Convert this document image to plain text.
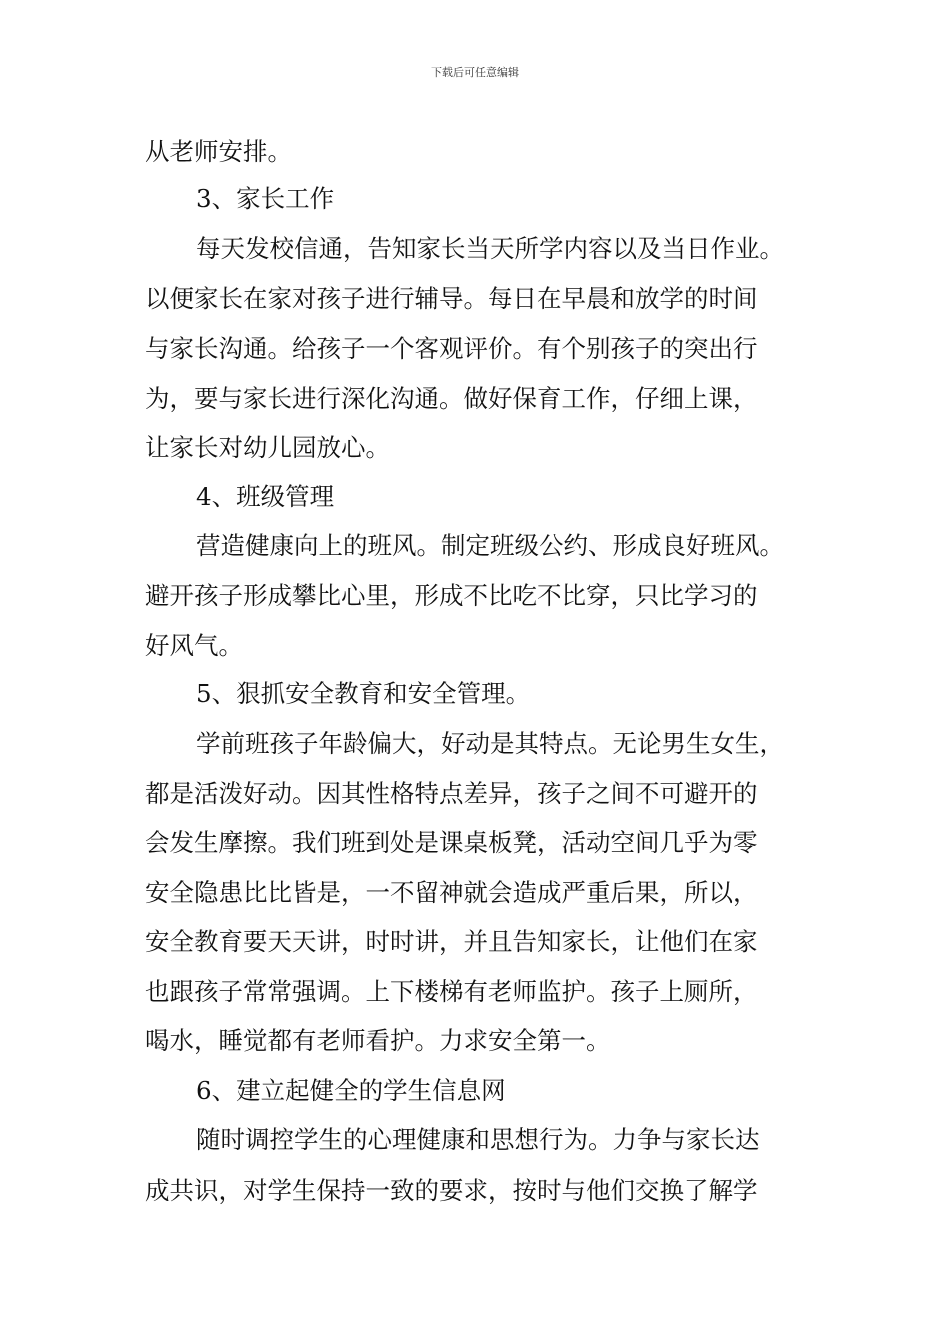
下载后可任意编辑
从老师安排。
3、家长工作
每天发校信通，告知家长当天所学内容以及当日作业。
以便家长在家对孩子进行辅导。每日在早晨和放学的时间
与家长沟通。给孩子一个客观评价。有个别孩子的突出行
为，要与家长进行深化沟通。做好保育工作，仔细上课，
让家长对幼儿园放心。
4、班级管理
营造健康向上的班风。制定班级公约、形成良好班风。
避开孩子形成攀比心里，形成不比吃不比穿，只比学习的
好风气。
5、狠抓安全教育和安全管理。
学前班孩子年龄偏大，好动是其特点。无论男生女生，
都是活泼好动。因其性格特点差异，孩子之间不可避开的
会发生摩擦。我们班到处是课桌板凳，活动空间几乎为零
安全隐患比比皆是，一不留神就会造成严重后果，所以，
安全教育要天天讲，时时讲，并且告知家长，让他们在家
也跟孩子常常强调。上下楼梯有老师监护。孩子上厕所，
喝水，睡觉都有老师看护。力求安全第一。
6、建立起健全的学生信息网
随时调控学生的心理健康和思想行为。力争与家长达
成共识，对学生保持一致的要求，按时与他们交换了解学
